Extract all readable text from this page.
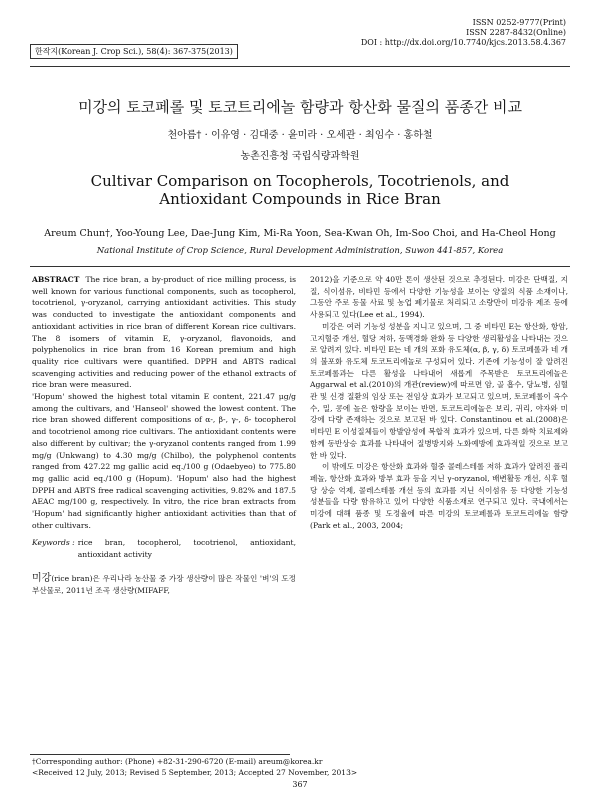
한작지(Korean J. Crop Sci.), 58(4): 367-375(2013)
ISSN 0252-9777(Print)
ISSN 2287-8432(Online)
DOI : http://dx.doi.org/10.7740/kjcs.2013.58.4.367
미강의 토코페롤 및 토코트리에놀 함량과 항산화 물질의 품종간 비교
천아름† · 이유영 · 김대중 · 윤미라 · 오세관 · 최임수 · 홍하철
농촌진흥청 국립식량과학원
Cultivar Comparison on Tocopherols, Tocotrienols, and Antioxidant Compounds in Rice Bran
Areum Chun†, Yoo-Young Lee, Dae-Jung Kim, Mi-Ra Yoon, Sea-Kwan Oh, Im-Soo Choi, and Ha-Cheol Hong
National Institute of Crop Science, Rural Development Administration, Suwon 441-857, Korea

ABSTRACT The rice bran, a by-product of rice milling process, is well known for various functional components, such as tocopherol, tocotrienol, γ-oryzanol, carrying antioxidant activities. This study was conducted to investigate the antioxidant components and antioxidant activities in rice bran of different Korean rice cultivars. The 8 isomers of vitamin E, γ-oryzanol, flavonoids, and polyphenolics in rice bran from 16 Korean premium and high quality rice cultivars were quantified. DPPH and ABTS radical scavenging activities and reducing power of the ethanol extracts of rice bran were measured.

'Hopum' showed the highest total vitamin E content, 221.47 μg/g among the cultivars, and 'Hanseol' showed the lowest content. The rice bran showed different compositions of α-, β-, γ-, δ- tocopherol and tocotrienol among rice cultivars. The antioxidant contents were also different by cultivar; the γ-oryzanol contents ranged from 1.99 mg/g (Unkwang) to 4.30 mg/g (Chilbo), the polyphenol contents ranged from 427.22 mg gallic acid eq./100 g (Odaebyeo) to 775.80 mg gallic acid eq./100 g (Hopum). 'Hopum' also had the highest DPPH and ABTS free radical scavenging activities, 9.82% and 187.5 AEAC mg/100 g, respectively. In vitro, the rice bran extracts from 'Hopum' had significantly higher antioxidant activities than that of other cultivars.

Keywords : rice bran, tocopherol, tocotrienol, antioxidant, antioxidant activity
미강(rice bran)은 우리나라 농산물 중 가장 생산량이 많은 작물인 '벼'의 도정 부산물로, 2011년 조곡 생산량(MIFAFF,

2012)을 기준으로 약 40만 톤이 생산된 것으로 추정된다. 미강은 단백질, 지질, 식이섬유, 비타민 등에서 다양한 기능성을 보이는 양질의 식품 소재이나, 그동안 주로 동물 사료 및 농업 폐기물로 처리되고 소량만이 미강유 제조 등에 사용되고 있다(Lee et al., 1994).

미강은 여러 기능성 성분을 지니고 있으며, 그 중 비타민 E는 항산화, 항암, 고지혈증 개선, 혈당 저하, 동맥경화 완화 등 다양한 생리활성을 나타내는 것으로 알려져 있다. 비타민 E는 네 개의 포화 유도체(α, β, γ, δ) 토코페롤과 네 개의 불포화 유도체 토코트리에놀로 구성되어 있다. 기존에 기능성이 잘 알려진 토코페롤과는 다른 활성을 나타내어 새롭게 주목받은 토코트리에놀은 Aggarwal et al.(2010)의 개관(review)에 따르면 암, 골 흡수, 당뇨병, 심혈관 및 신경 질환의 임상 또는 전임상 효과가 보고되고 있으며, 토코페롤이 옥수수, 밀, 콩에 높은 함량을 보이는 반면, 토코트리에놀은 보리, 귀리, 야자와 미강에 다량 존재하는 것으로 보고된 바 있다. Constantinou et al.(2008)은 비타민 E 이성질체들이 항발암성에 복합적 효과가 있으며, 다른 화학 치료제와 함께 동반상승 효과를 나타내어 질병방지와 노화예방에 효과적일 것으로 보고한 바 있다.

이 밖에도 미강은 항산화 효과와 혈중 콜레스테롤 저하 효과가 알려진 폴리페놀, 항산화 효과와 방부 효과 등을 지닌 γ-oryzanol, 배변활동 개선, 식후 혈당 상승 억제, 콜레스테롤 개선 등의 효과를 지닌 식이섬유 등 다양한 기능성 성분들을 다량 함유하고 있어 다양한 식품소재로 연구되고 있다. 국내에서는 미강에 대해 품종 및 도정율에 따른 미강의 토코페롤과 토코트리에놀 함량(Park et al., 2003, 2004;

†Corresponding author: (Phone) +82-31-290-6720 (E-mail) areum@korea.kr
<Received 12 July, 2013; Revised 5 September, 2013; Accepted 27 November, 2013>
367
